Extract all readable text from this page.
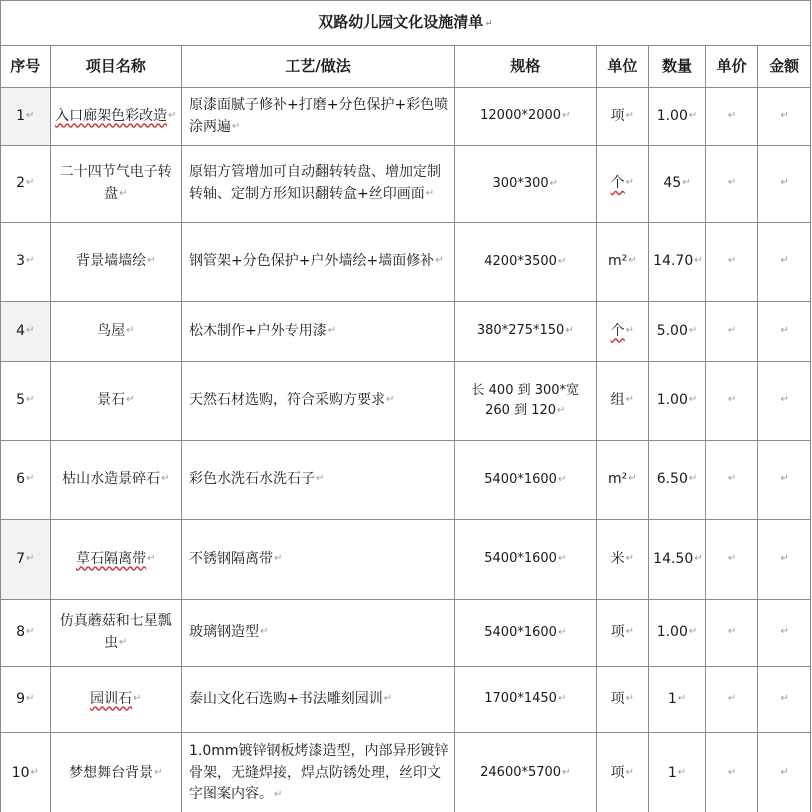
双路幼儿园文化设施清单↵							
序号	项目名称	工艺/做法	规格	单位	数量	单价	金额
1↵	入口廊架色彩改造↵	原漆面腻子修补+打磨+分色保护+彩色喷涂两遍↵	12000*2000↵	项↵	1.00↵	↵	↵
2↵	二十四节气电子转盘↵	原铝方管增加可自动翻转转盘、增加定制转轴、定制方形知识翻转盒+丝印画面↵	300*300↵	个↵	45↵	↵	↵
3↵	背景墙墙绘↵	钢管架+分色保护+户外墙绘+墙面修补↵	4200*3500↵	m²↵	14.70↵	↵	↵
4↵	鸟屋↵	松木制作+户外专用漆↵	380*275*150↵	个↵	5.00↵	↵	↵
5↵	景石↵	天然石材选购，符合采购方要求↵	长 400 到 300*宽 260 到 120↵	组↵	1.00↵	↵	↵
6↵	枯山水造景碎石↵	彩色水洗石水洗石子↵	5400*1600↵	m²↵	6.50↵	↵	↵
7↵	草石隔离带↵	不锈钢隔离带↵	5400*1600↵	米↵	14.50↵	↵	↵
8↵	仿真蘑菇和七星瓢虫↵	玻璃钢造型↵	5400*1600↵	项↵	1.00↵	↵	↵
9↵	园训石↵	泰山文化石选购+书法雕刻园训↵	1700*1450↵	项↵	1↵	↵	↵
10↵	梦想舞台背景↵	1.0mm镀锌钢板烤漆造型，内部异形镀锌骨架，无缝焊接，焊点防锈处理，丝印文字图案内容。↵	24600*5700↵	项↵	1↵	↵	↵
